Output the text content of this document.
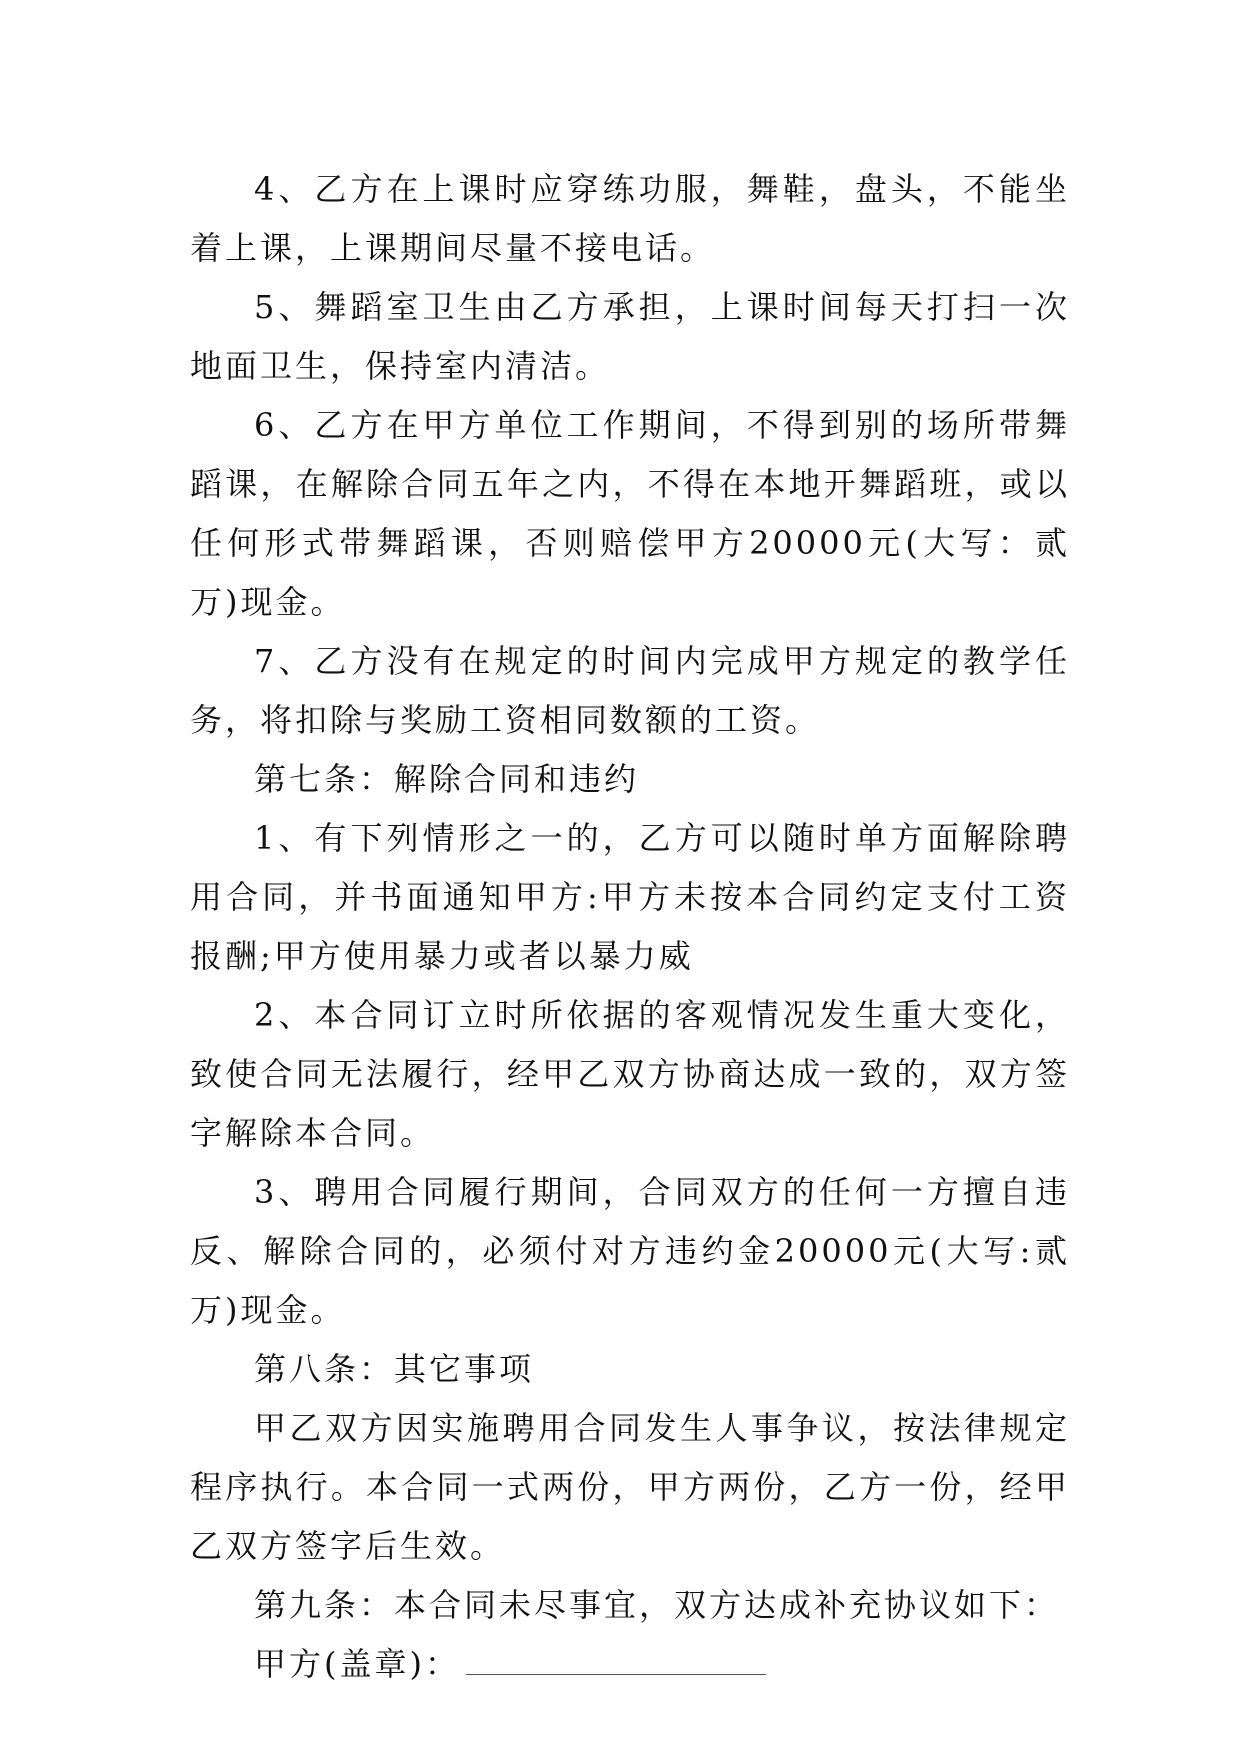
4、乙方在上课时应穿练功服，舞鞋，盘头，不能坐着上课，上课期间尽量不接电话。

5、舞蹈室卫生由乙方承担，上课时间每天打扫一次地面卫生，保持室内清洁。

6、乙方在甲方单位工作期间，不得到别的场所带舞蹈课，在解除合同五年之内，不得在本地开舞蹈班，或以任何形式带舞蹈课，否则赔偿甲方20000元(大写：贰万)现金。

7、乙方没有在规定的时间内完成甲方规定的教学任务，将扣除与奖励工资相同数额的工资。

第七条：解除合同和违约

1、有下列情形之一的，乙方可以随时单方面解除聘用合同，并书面通知甲方:甲方未按本合同约定支付工资报酬;甲方使用暴力或者以暴力威

2、本合同订立时所依据的客观情况发生重大变化，致使合同无法履行，经甲乙双方协商达成一致的，双方签字解除本合同。

3、聘用合同履行期间，合同双方的任何一方擅自违反、解除合同的，必须付对方违约金20000元(大写:贰万)现金。

第八条：其它事项

甲乙双方因实施聘用合同发生人事争议，按法律规定程序执行。本合同一式两份，甲方两份，乙方一份，经甲乙双方签字后生效。

第九条：本合同未尽事宜，双方达成补充协议如下：

甲方(盖章)：
